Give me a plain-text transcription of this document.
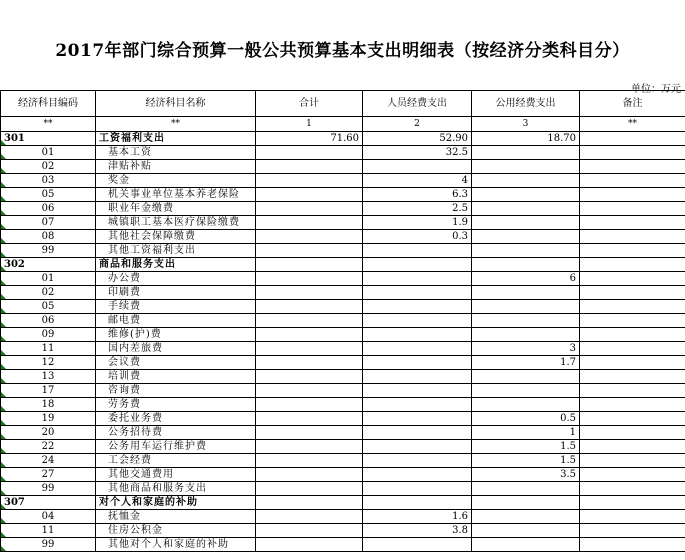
2017年部门综合预算一般公共预算基本支出明细表（按经济分类科目分）
单位：万元
经济科目编码	经济科目名称	合计	人员经费支出	公用经费支出	备注
**	**	1	2	3	**

301	工资福利支出	71.60	52.90	18.70	

01	基本工资		32.5		

02	津贴补贴				

03	奖金		4		

05	机关事业单位基本养老保险		6.3		

06	职业年金缴费		2.5		

07	城镇职工基本医疗保险缴费		1.9		

08	其他社会保障缴费		0.3		

99	其他工资福利支出				

302	商品和服务支出				

01	办公费			6	

02	印刷费				

05	手续费				

06	邮电费				

09	维修(护)费				

11	国内差旅费			3	

12	会议费			1.7	

13	培训费				

17	咨询费				

18	劳务费				

19	委托业务费			0.5	

20	公务招待费			1	

22	公务用车运行维护费			1.5	

24	工会经费			1.5	

27	其他交通费用			3.5	

99	其他商品和服务支出				

307	对个人和家庭的补助				

04	抚恤金		1.6		

11	住房公积金		3.8		

99	其他对个人和家庭的补助				
